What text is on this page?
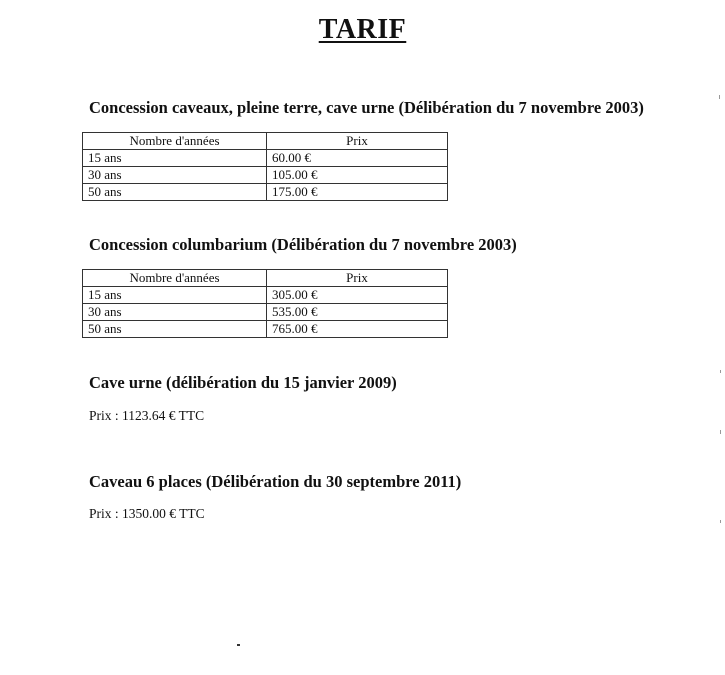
TARIF
Concession caveaux, pleine terre, cave urne (Délibération du 7 novembre 2003)
Nombre d'années	Prix
15 ans	60.00 €
30 ans	105.00 €
50 ans	175.00 €
Concession columbarium (Délibération du 7 novembre 2003)
Nombre d'années	Prix
15 ans	305.00 €
30 ans	535.00 €
50 ans	765.00 €
Cave urne (délibération du 15 janvier 2009)
Prix : 1123.64 € TTC
Caveau 6 places (Délibération du 30 septembre 2011)
Prix : 1350.00 € TTC
